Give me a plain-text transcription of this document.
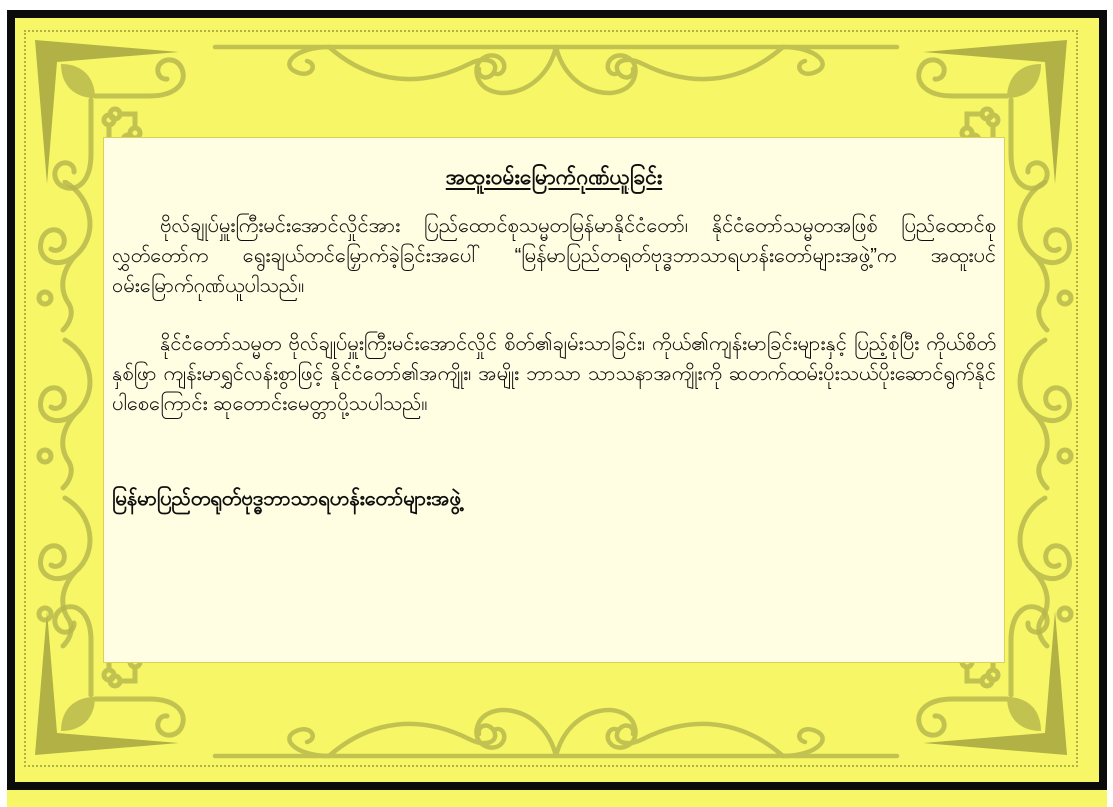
အထူးဝမ်းမြောက်ဂုဏ်ယူခြင်း

ဗိုလ်ချုပ်မှူးကြီးမင်းအောင်လှိုင်အား ပြည်ထောင်စုသမ္မတမြန်မာနိုင်ငံတော်၊ နိုင်ငံတော်သမ္မတအဖြစ် ပြည်ထောင်စုလွှတ်တော်က ရွေးချယ်တင်မြှောက်ခဲ့ခြင်းအပေါ် “မြန်မာပြည်တရုတ်ဗုဒ္ဓဘာသာရဟန်းတော်များအဖွဲ့”က အထူးပင် ဝမ်းမြောက်ဂုဏ်ယူပါသည်။

နိုင်ငံတော်သမ္မတ ဗိုလ်ချုပ်မှူးကြီးမင်းအောင်လှိုင် စိတ်၏ချမ်းသာခြင်း၊ ကိုယ်၏ကျန်းမာခြင်းများနှင့် ပြည့်စုံပြီး ကိုယ်စိတ်နှစ်ဖြာ ကျန်းမာရွှင်လန်းစွာဖြင့် နိုင်ငံတော်၏အကျိုး၊ အမျိုး ဘာသာ သာသနာအကျိုးကို ဆတက်ထမ်းပိုးသယ်ပိုးဆောင်ရွက်နိုင်ပါစေကြောင်း ဆုတောင်းမေတ္တာပို့သပါသည်။

မြန်မာပြည်တရုတ်ဗုဒ္ဓဘာသာရဟန်းတော်များအဖွဲ့
